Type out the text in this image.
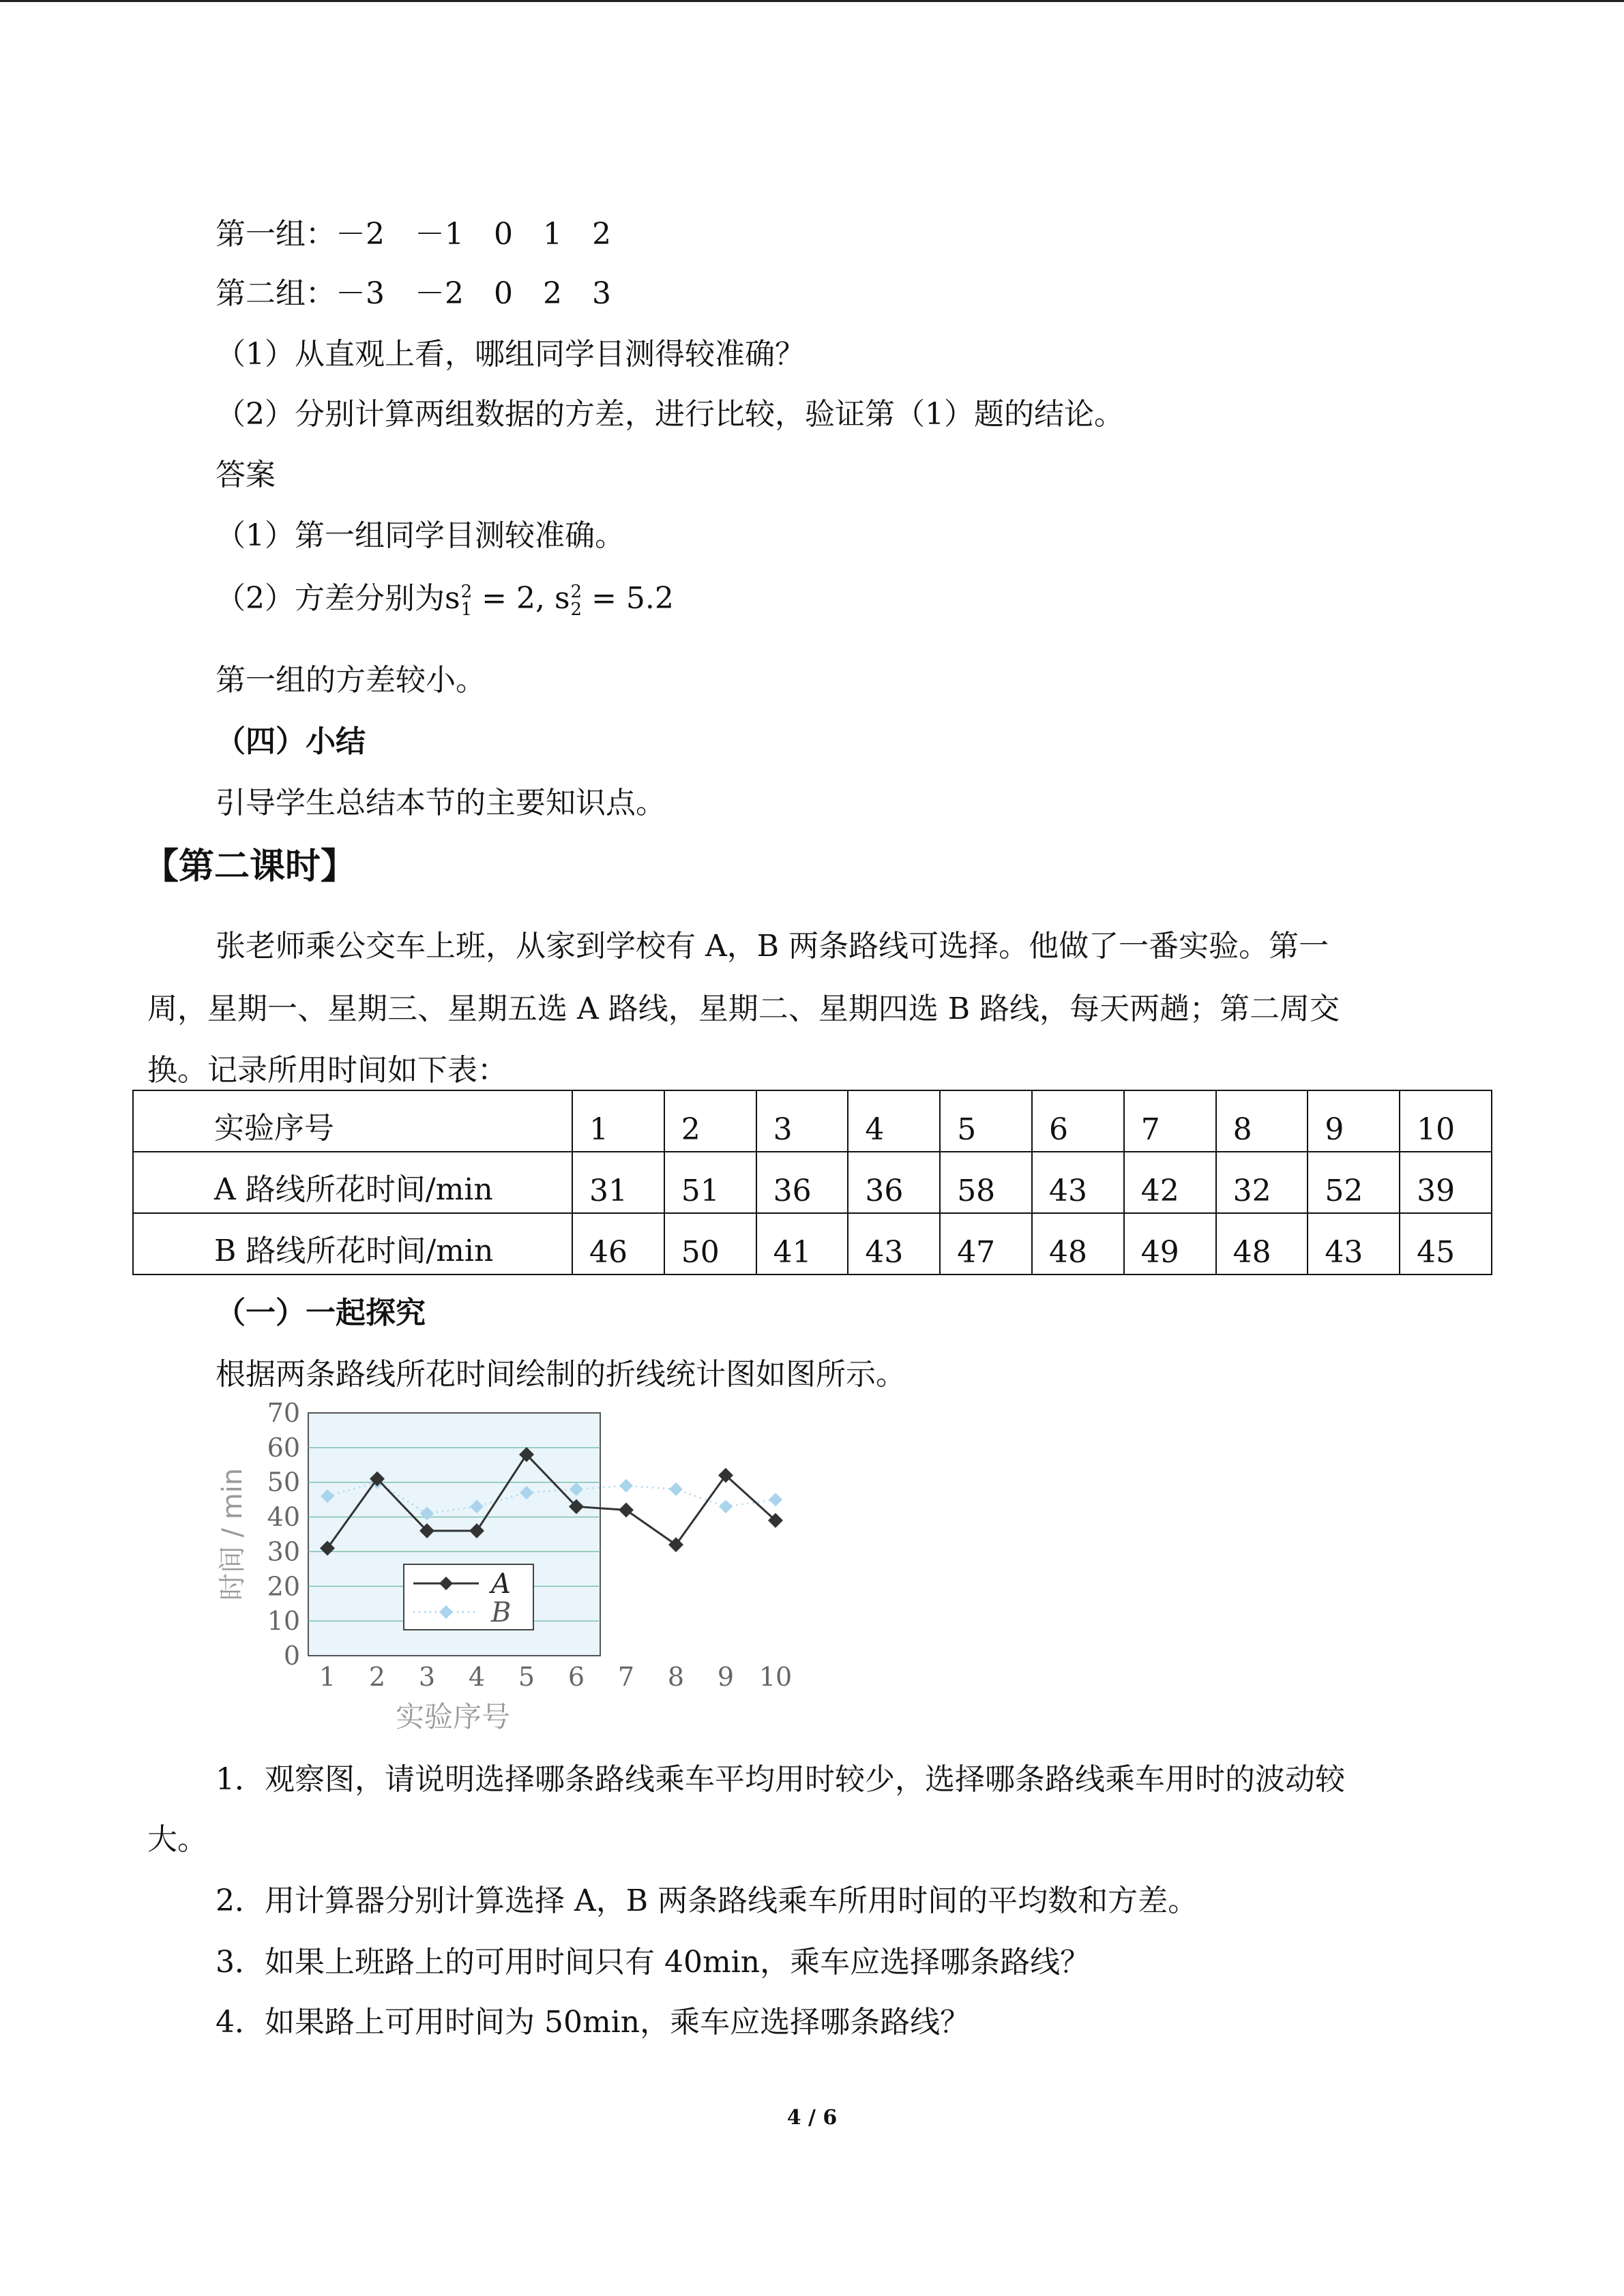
第一组：－2　－1　0　1　2
第二组：－3　－2　0　2　3
（1）从直观上看，哪组同学目测得较准确？
（2）分别计算两组数据的方差，进行比较，验证第（1）题的结论。
答案
（1）第一组同学目测较准确。
（2）方差分别为s 2
1 = 2, s 2
2 = 5.2
第一组的方差较小。
（四）小结
引导学生总结本节的主要知识点。
【第二课时】
张老师乘公交车上班，从家到学校有 A，B 两条路线可选择。他做了一番实验。第一
周，星期一、星期三、星期五选 A 路线，星期二、星期四选 B 路线，每天两趟；第二周交
换。记录所用时间如下表：
实验序号	1	2	3	4	5	6	7	8	9	10
A 路线所花时间/min	31	51	36	36	58	43	42	32	52	39
B 路线所花时间/min	46	50	41	43	47	48	49	48	43	45
（一）一起探究
根据两条路线所花时间绘制的折线统计图如图所示。
0
10
20
30
40
50
60
70
1 2 3 4 5 6 7 8 9 10
时间 / min
实验序号
A
B
1．观察图，请说明选择哪条路线乘车平均用时较少，选择哪条路线乘车用时的波动较
大。
2．用计算器分别计算选择 A，B 两条路线乘车所用时间的平均数和方差。
3．如果上班路上的可用时间只有 40min，乘车应选择哪条路线？
4．如果路上可用时间为 50min，乘车应选择哪条路线？
4 / 6
